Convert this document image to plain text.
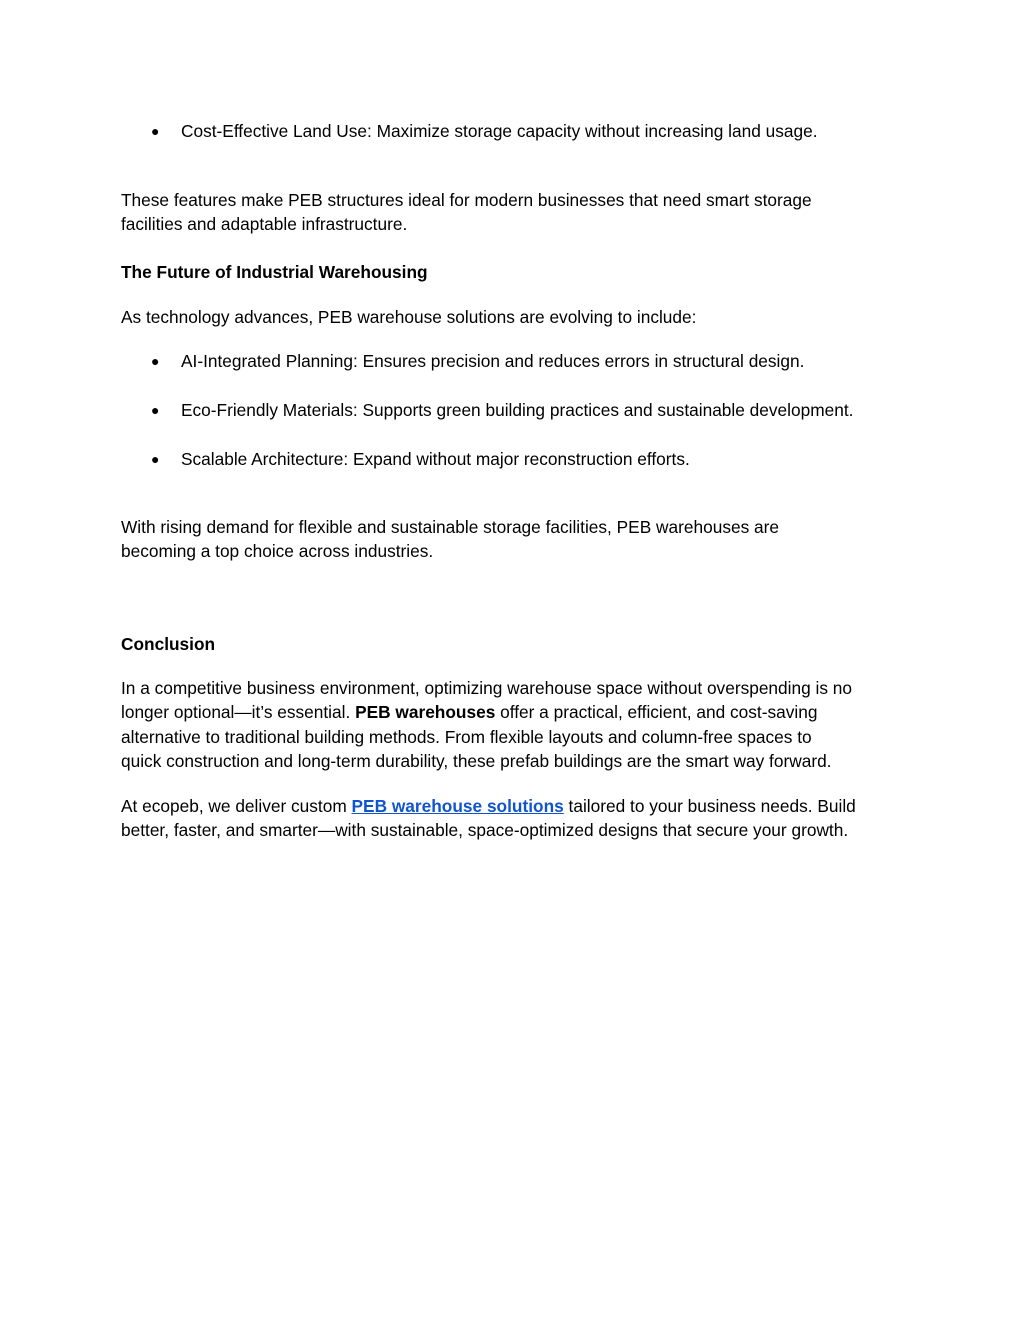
● Cost-Effective Land Use: Maximize storage capacity without increasing land usage.

These features make PEB structures ideal for modern businesses that need smart storage

facilities and adaptable infrastructure.

The Future of Industrial Warehousing

As technology advances, PEB warehouse solutions are evolving to include:

● AI-Integrated Planning: Ensures precision and reduces errors in structural design.
● Eco-Friendly Materials: Supports green building practices and sustainable development.
● Scalable Architecture: Expand without major reconstruction efforts.

With rising demand for flexible and sustainable storage facilities, PEB warehouses are

becoming a top choice across industries.

Conclusion

In a competitive business environment, optimizing warehouse space without overspending is no

longer optional—it’s essential. PEB warehouses offer a practical, efficient, and cost-saving

alternative to traditional building methods. From flexible layouts and column-free spaces to

quick construction and long-term durability, these prefab buildings are the smart way forward.

At ecopeb, we deliver custom PEB warehouse solutions tailored to your business needs. Build

better, faster, and smarter—with sustainable, space-optimized designs that secure your growth.
